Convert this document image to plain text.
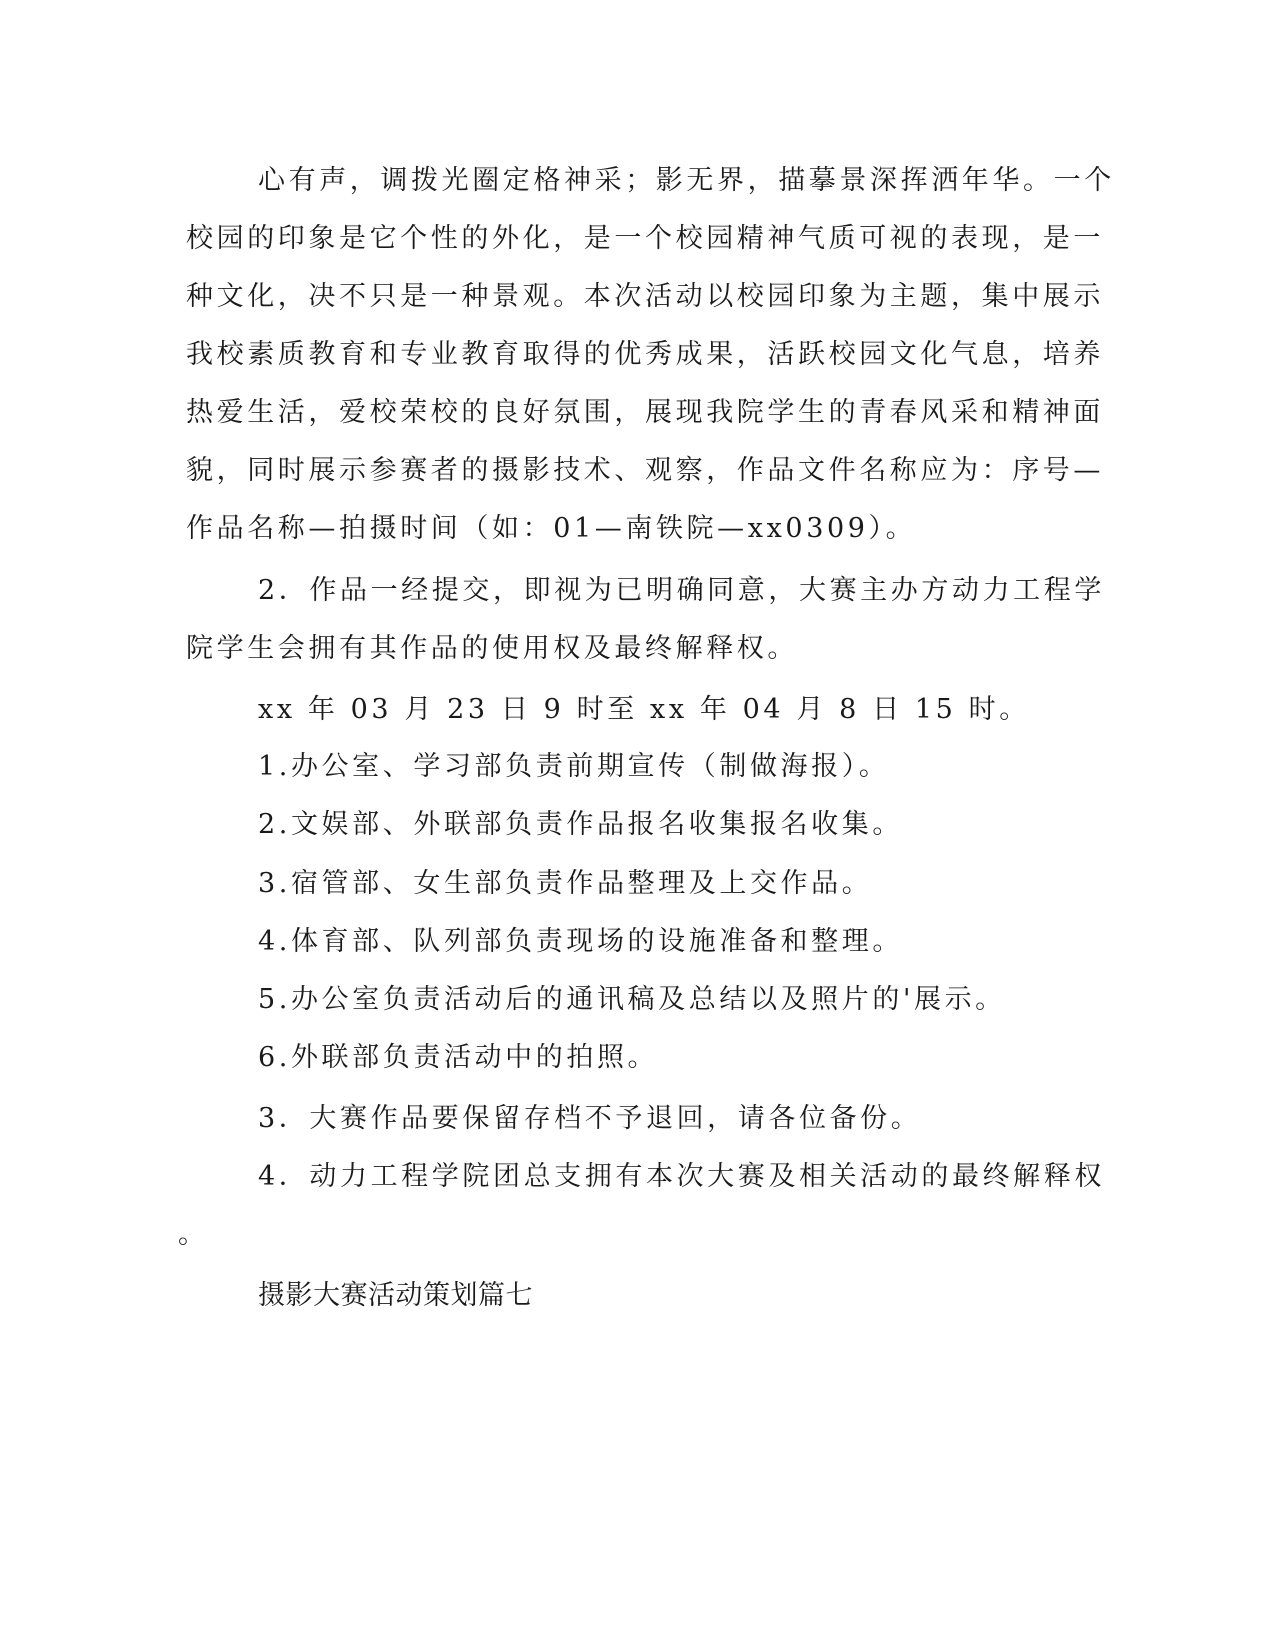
心有声，调拨光圈定格神采；影无界，描摹景深挥洒年华。一个
校园的印象是它个性的外化，是一个校园精神气质可视的表现，是一
种文化，决不只是一种景观。本次活动以校园印象为主题，集中展示
我校素质教育和专业教育取得的优秀成果，活跃校园文化气息，培养
热爱生活，爱校荣校的良好氛围，展现我院学生的青春风采和精神面
貌，同时展示参赛者的摄影技术、观察，作品文件名称应为：序号—
作品名称—拍摄时间（如：01—南铁院—xx0309）。
2．作品一经提交，即视为已明确同意，大赛主办方动力工程学
院学生会拥有其作品的使用权及最终解释权。
xx 年 03 月 23 日 9 时至 xx 年 04 月 8 日 15 时。
1.办公室、学习部负责前期宣传（制做海报）。
2.文娱部、外联部负责作品报名收集报名收集。
3.宿管部、女生部负责作品整理及上交作品。
4.体育部、队列部负责现场的设施准备和整理。
5.办公室负责活动后的通讯稿及总结以及照片的'展示。
6.外联部负责活动中的拍照。
3．大赛作品要保留存档不予退回，请各位备份。
4．动力工程学院团总支拥有本次大赛及相关活动的最终解释权
。
摄影大赛活动策划篇七
